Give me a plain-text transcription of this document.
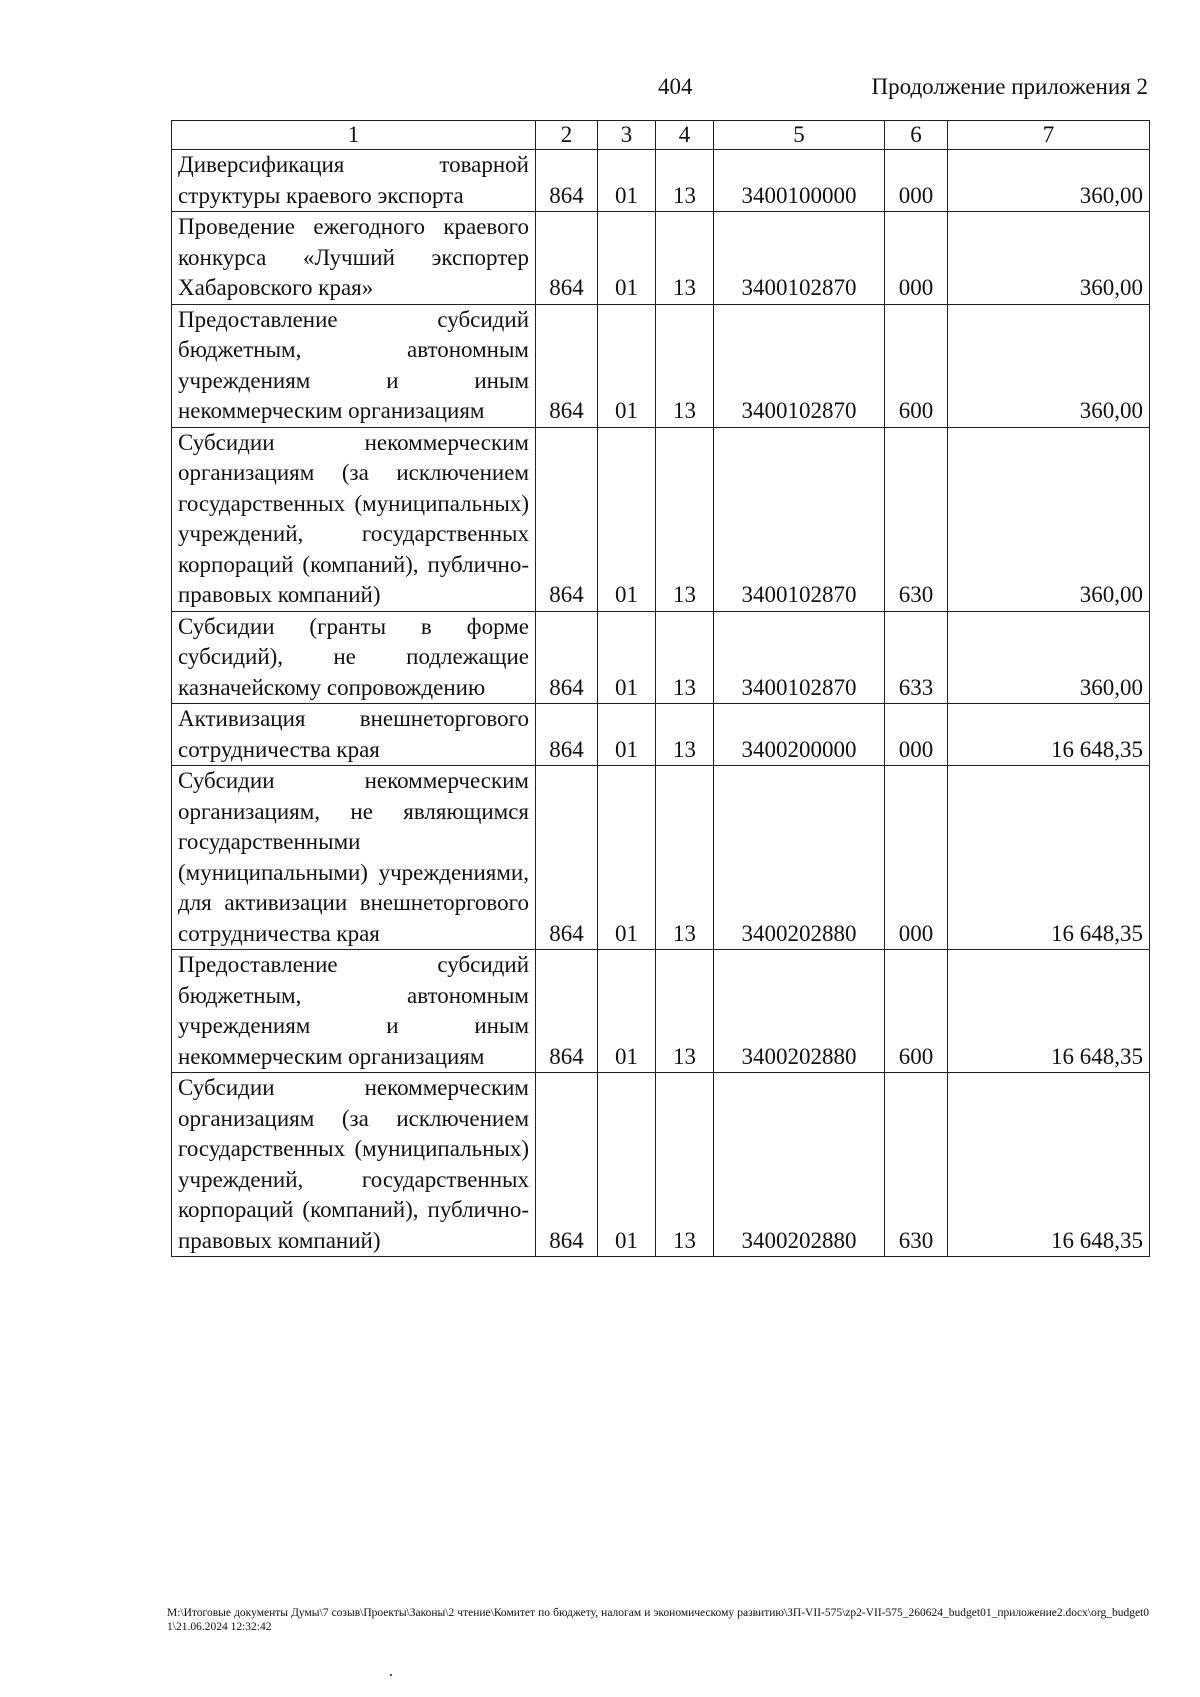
404	Продолжение приложения 2
1	2	3	4	5	6	7
Диверсификация товарной структуры краевого экспорта	864	01	13	3400100000	000	360,00
Проведение ежегодного краевого конкурса «Лучший экспортер Хабаровского края»	864	01	13	3400102870	000	360,00
Предоставление субсидий бюджетным, автономным учреждениям и иным некоммерческим организациям	864	01	13	3400102870	600	360,00
Субсидии некоммерческим организациям (за исключением государственных (муниципальных) учреждений, государственных корпораций (компаний), публично-правовых компаний)	864	01	13	3400102870	630	360,00
Субсидии (гранты в форме субсидий), не подлежащие казначейскому сопровождению	864	01	13	3400102870	633	360,00
Активизация внешнеторгового сотрудничества края	864	01	13	3400200000	000	16 648,35
Субсидии некоммерческим организациям, не являющимся государственными (муниципальными) учреждениями, для активизации внешнеторгового сотрудничества края	864	01	13	3400202880	000	16 648,35
Предоставление субсидий бюджетным, автономным учреждениям и иным некоммерческим организациям	864	01	13	3400202880	600	16 648,35
Субсидии некоммерческим организациям (за исключением государственных (муниципальных) учреждений, государственных корпораций (компаний), публично-правовых компаний)	864	01	13	3400202880	630	16 648,35
M:\Итоговые документы Думы\7 созыв\Проекты\Законы\2 чтение\Комитет по бюджету, налогам и экономическому развитию\ЗП-VII-575\zp2-VII-575_260624_budget01_приложение2.docx\org_budget01\21.06.2024 12:32:42
